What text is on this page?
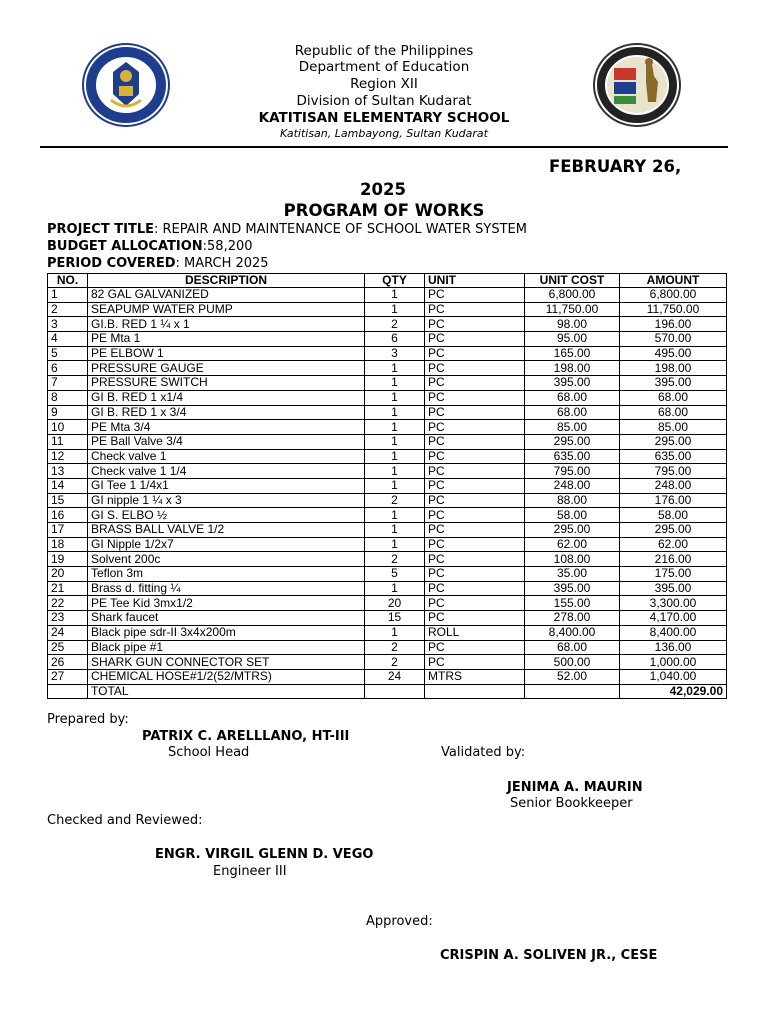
Republic of the Philippines
Department of Education
Region XII
Division of Sultan Kudarat
KATITISAN ELEMENTARY SCHOOL
Katitisan, Lambayong, Sultan Kudarat
FEBRUARY 26,
2025
PROGRAM OF WORKS
PROJECT TITLE: REPAIR AND MAINTENANCE OF SCHOOL WATER SYSTEM
BUDGET ALLOCATION:58,200
PERIOD COVERED: MARCH 2025
NO.	DESCRIPTION	QTY	UNIT	UNIT COST	AMOUNT
1	82 GAL GALVANIZED	1	PC	6,800.00	6,800.00
2	SEAPUMP WATER PUMP	1	PC	11,750.00	11,750.00
3	GI.B. RED 1 ¼ x 1	2	PC	98.00	196.00
4	PE Mta 1	6	PC	95.00	570.00
5	PE ELBOW 1	3	PC	165.00	495.00
6	PRESSURE GAUGE	1	PC	198.00	198.00
7	PRESSURE SWITCH	1	PC	395.00	395.00
8	GI B. RED 1 x1/4	1	PC	68.00	68.00
9	GI B. RED 1 x 3/4	1	PC	68.00	68.00
10	PE Mta 3/4	1	PC	85.00	85.00
11	PE Ball Valve 3/4	1	PC	295.00	295.00
12	Check valve 1	1	PC	635.00	635.00
13	Check valve 1 1/4	1	PC	795.00	795.00
14	GI Tee 1 1/4x1	1	PC	248.00	248.00
15	GI nipple 1 ¼ x 3	2	PC	88.00	176.00
16	GI S. ELBO ½	1	PC	58.00	58.00
17	BRASS BALL VALVE 1/2	1	PC	295.00	295.00
18	GI Nipple 1/2x7	1	PC	62.00	62.00
19	Solvent 200c	2	PC	108.00	216.00
20	Teflon 3m	5	PC	35.00	175.00
21	Brass d. fitting ¼	1	PC	395.00	395.00
22	PE Tee Kid 3mx1/2	20	PC	155.00	3,300.00
23	Shark faucet	15	PC	278.00	4,170.00
24	Black pipe sdr-II 3x4x200m	1	ROLL	8,400.00	8,400.00
25	Black pipe #1	2	PC	68.00	136.00
26	SHARK GUN CONNECTOR SET	2	PC	500.00	1,000.00
27	CHEMICAL HOSE#1/2(52/MTRS)	24	MTRS	52.00	1,040.00
	TOTAL				42,029.00
Prepared by:
PATRIX C. ARELLLANO, HT-III
School Head	Validated by:
JENIMA A. MAURIN
Senior Bookkeeper
Checked and Reviewed:
ENGR. VIRGIL GLENN D. VEGO
Engineer III
Approved:
CRISPIN A. SOLIVEN JR., CESE
